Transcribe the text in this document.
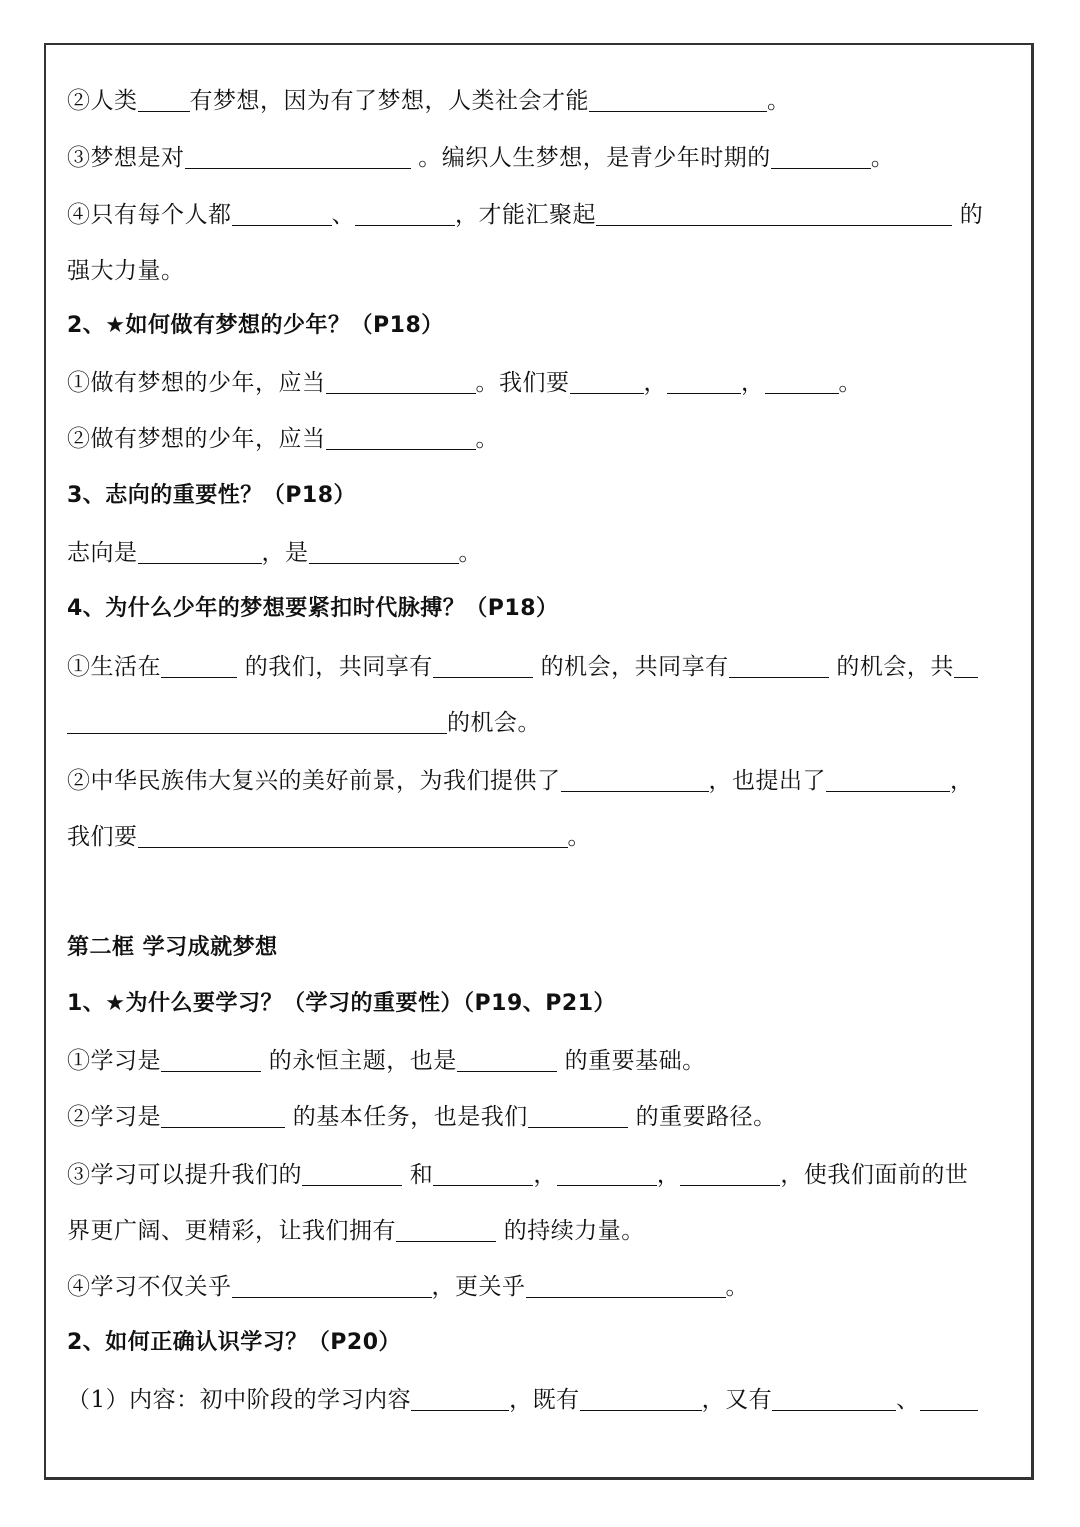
②人类 有梦想，因为有了梦想，人类社会才能	。
③梦想是对	。编织人生梦想，是青少年时期的	。
④只有每个人都	、	，才能汇聚起	的
强大力量。
2、★如何做有梦想的少年？（P18）
①做有梦想的少年，应当	。我们要	，	，	。
②做有梦想的少年，应当	。
3、志向的重要性？（P18）
志向是	，是	。
4、为什么少年的梦想要紧扣时代脉搏？（P18）
①生活在	的我们，共同享有	的机会，共同享有	的机会，共
的机会。
②中华民族伟大复兴的美好前景，为我们提供了	，也提出了	，
我们要	。
第二框 学习成就梦想
1、★为什么要学习？（学习的重要性）（P19、P21）
①学习是	的永恒主题，也是	的重要基础。
②学习是	的基本任务，也是我们	的重要路径。
③学习可以提升我们的	和	，	，	，使我们面前的世
界更广阔、更精彩，让我们拥有	的持续力量。
④学习不仅关乎	，更关乎	。
2、如何正确认识学习？（P20）
（1）内容：初中阶段的学习内容	，既有	，又有	、
